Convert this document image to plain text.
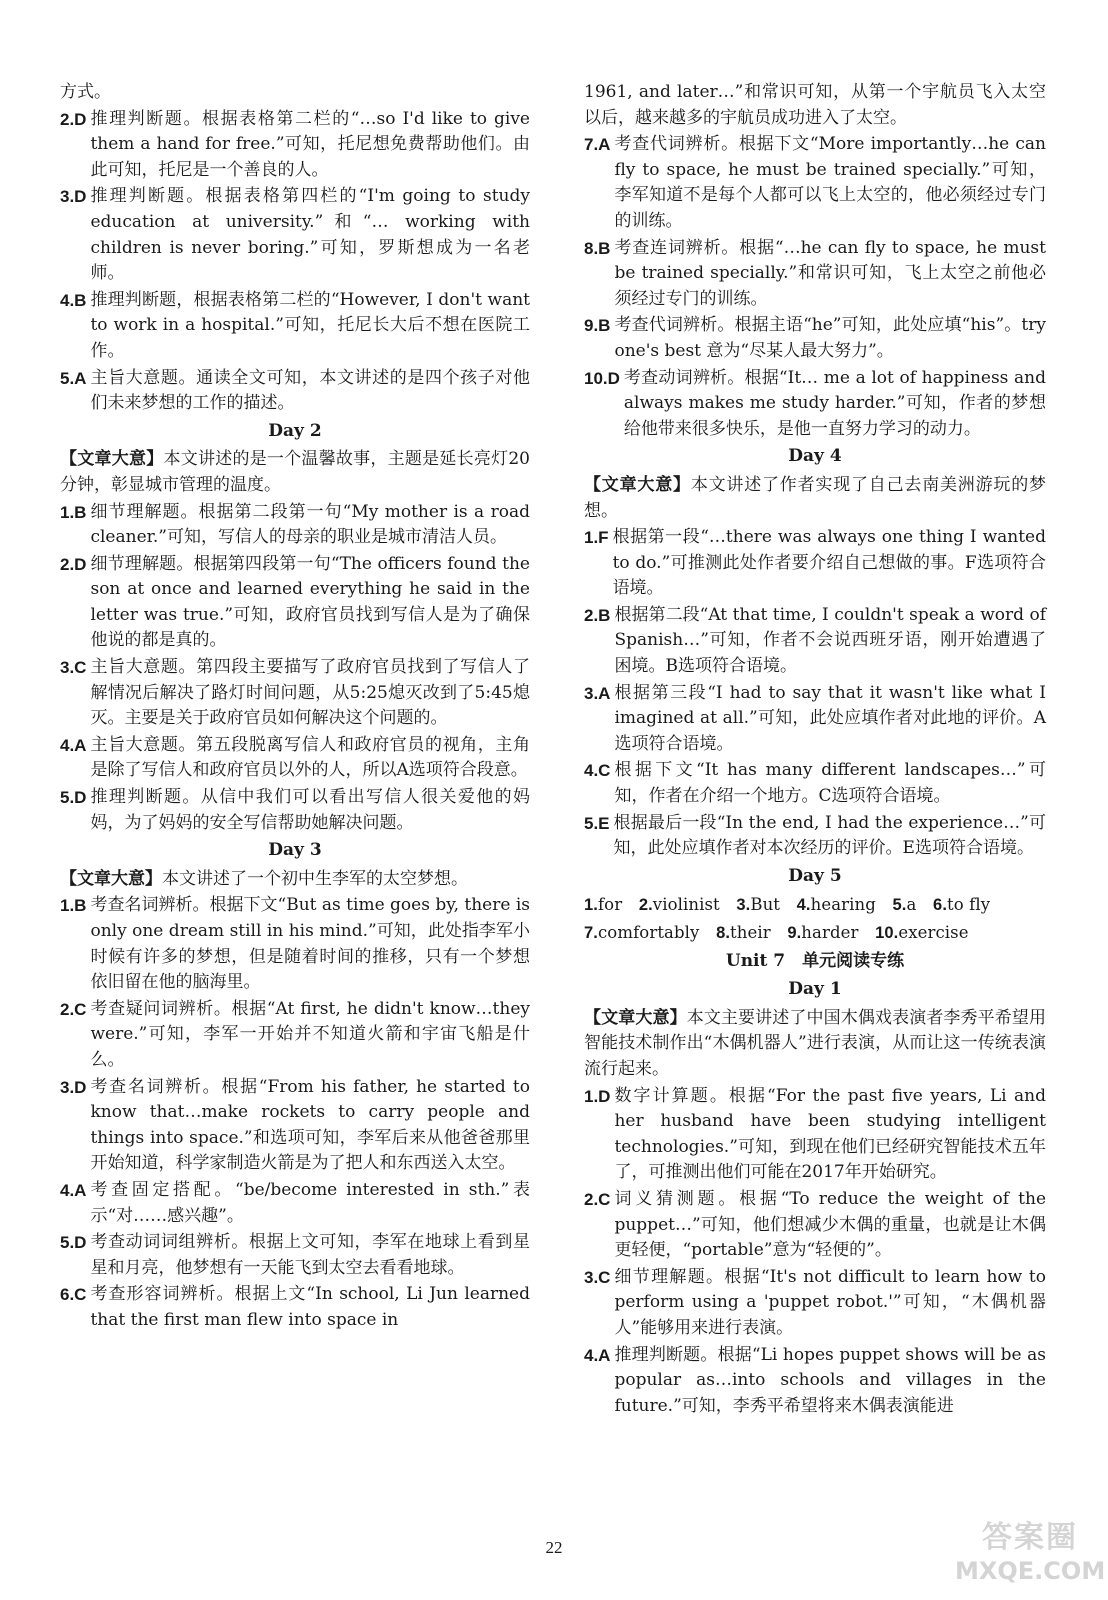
方式。
2.D 推理判断题。根据表格第二栏的“…so I'd like to give them a hand for free.”可知，托尼想免费帮助他们。由此可知，托尼是一个善良的人。
3.D 推理判断题。根据表格第四栏的“I'm going to study education at university.”和“… working with children is never boring.”可知，罗斯想成为一名老师。
4.B 推理判断题，根据表格第二栏的“However, I don't want to work in a hospital.”可知，托尼长大后不想在医院工作。
5.A 主旨大意题。通读全文可知，本文讲述的是四个孩子对他们未来梦想的工作的描述。
Day 2
【文章大意】本文讲述的是一个温馨故事，主题是延长亮灯20分钟，彰显城市管理的温度。
1.B 细节理解题。根据第二段第一句“My mother is a road cleaner.”可知，写信人的母亲的职业是城市清洁人员。
2.D 细节理解题。根据第四段第一句“The officers found the son at once and learned everything he said in the letter was true.”可知，政府官员找到写信人是为了确保他说的都是真的。
3.C 主旨大意题。第四段主要描写了政府官员找到了写信人了解情况后解决了路灯时间问题，从5:25熄灭改到了5:45熄灭。主要是关于政府官员如何解决这个问题的。
4.A 主旨大意题。第五段脱离写信人和政府官员的视角，主角是除了写信人和政府官员以外的人，所以A选项符合段意。
5.D 推理判断题。从信中我们可以看出写信人很关爱他的妈妈，为了妈妈的安全写信帮助她解决问题。
Day 3
【文章大意】本文讲述了一个初中生李军的太空梦想。
1.B 考查名词辨析。根据下文“But as time goes by, there is only one dream still in his mind.”可知，此处指李军小时候有许多的梦想，但是随着时间的推移，只有一个梦想依旧留在他的脑海里。
2.C 考查疑问词辨析。根据“At first, he didn't know…they were.”可知，李军一开始并不知道火箭和宇宙飞船是什么。
3.D 考查名词辨析。根据“From his father, he started to know that…make rockets to carry people and things into space.”和选项可知，李军后来从他爸爸那里开始知道，科学家制造火箭是为了把人和东西送入太空。
4.A 考查固定搭配。“be/become interested in sth.”表示“对……感兴趣”。
5.D 考查动词词组辨析。根据上文可知，李军在地球上看到星星和月亮，他梦想有一天能飞到太空去看看地球。
6.C 考查形容词辨析。根据上文“In school, Li Jun learned that the first man flew into space in
1961, and later…”和常识可知，从第一个宇航员飞入太空以后，越来越多的宇航员成功进入了太空。
7.A 考查代词辨析。根据下文“More importantly…he can fly to space, he must be trained specially.”可知，李军知道不是每个人都可以飞上太空的，他必须经过专门的训练。
8.B 考查连词辨析。根据“…he can fly to space, he must be trained specially.”和常识可知，飞上太空之前他必须经过专门的训练。
9.B 考查代词辨析。根据主语“he”可知，此处应填“his”。try one's best 意为“尽某人最大努力”。
10.D 考查动词辨析。根据“It… me a lot of happiness and always makes me study harder.”可知，作者的梦想给他带来很多快乐，是他一直努力学习的动力。
Day 4
【文章大意】本文讲述了作者实现了自己去南美洲游玩的梦想。
1.F 根据第一段“…there was always one thing I wanted to do.”可推测此处作者要介绍自己想做的事。F选项符合语境。
2.B 根据第二段“At that time, I couldn't speak a word of Spanish…”可知，作者不会说西班牙语，刚开始遭遇了困境。B选项符合语境。
3.A 根据第三段“I had to say that it wasn't like what I imagined at all.”可知，此处应填作者对此地的评价。A选项符合语境。
4.C 根据下文“It has many different landscapes…”可知，作者在介绍一个地方。C选项符合语境。
5.E 根据最后一段“In the end, I had the experience…”可知，此处应填作者对本次经历的评价。E选项符合语境。
Day 5
1.for  2.violinist  3.But  4.hearing  5.a  6.to fly
7.comfortably  8.their  9.harder  10.exercise
Unit 7　单元阅读专练
Day 1
【文章大意】本文主要讲述了中国木偶戏表演者李秀平希望用智能技术制作出“木偶机器人”进行表演，从而让这一传统表演流行起来。
1.D 数字计算题。根据“For the past five years, Li and her husband have been studying intelligent technologies.”可知，到现在他们已经研究智能技术五年了，可推测出他们可能在2017年开始研究。
2.C 词义猜测题。根据“To reduce the weight of the puppet…”可知，他们想减少木偶的重量，也就是让木偶更轻便，“portable”意为“轻便的”。
3.C 细节理解题。根据“It's not difficult to learn how to perform using a 'puppet robot.'”可知，“木偶机器人”能够用来进行表演。
4.A 推理判断题。根据“Li hopes puppet shows will be as popular as…into schools and villages in the future.”可知，李秀平希望将来木偶表演能进
22	答案圈
MXQE.COM
